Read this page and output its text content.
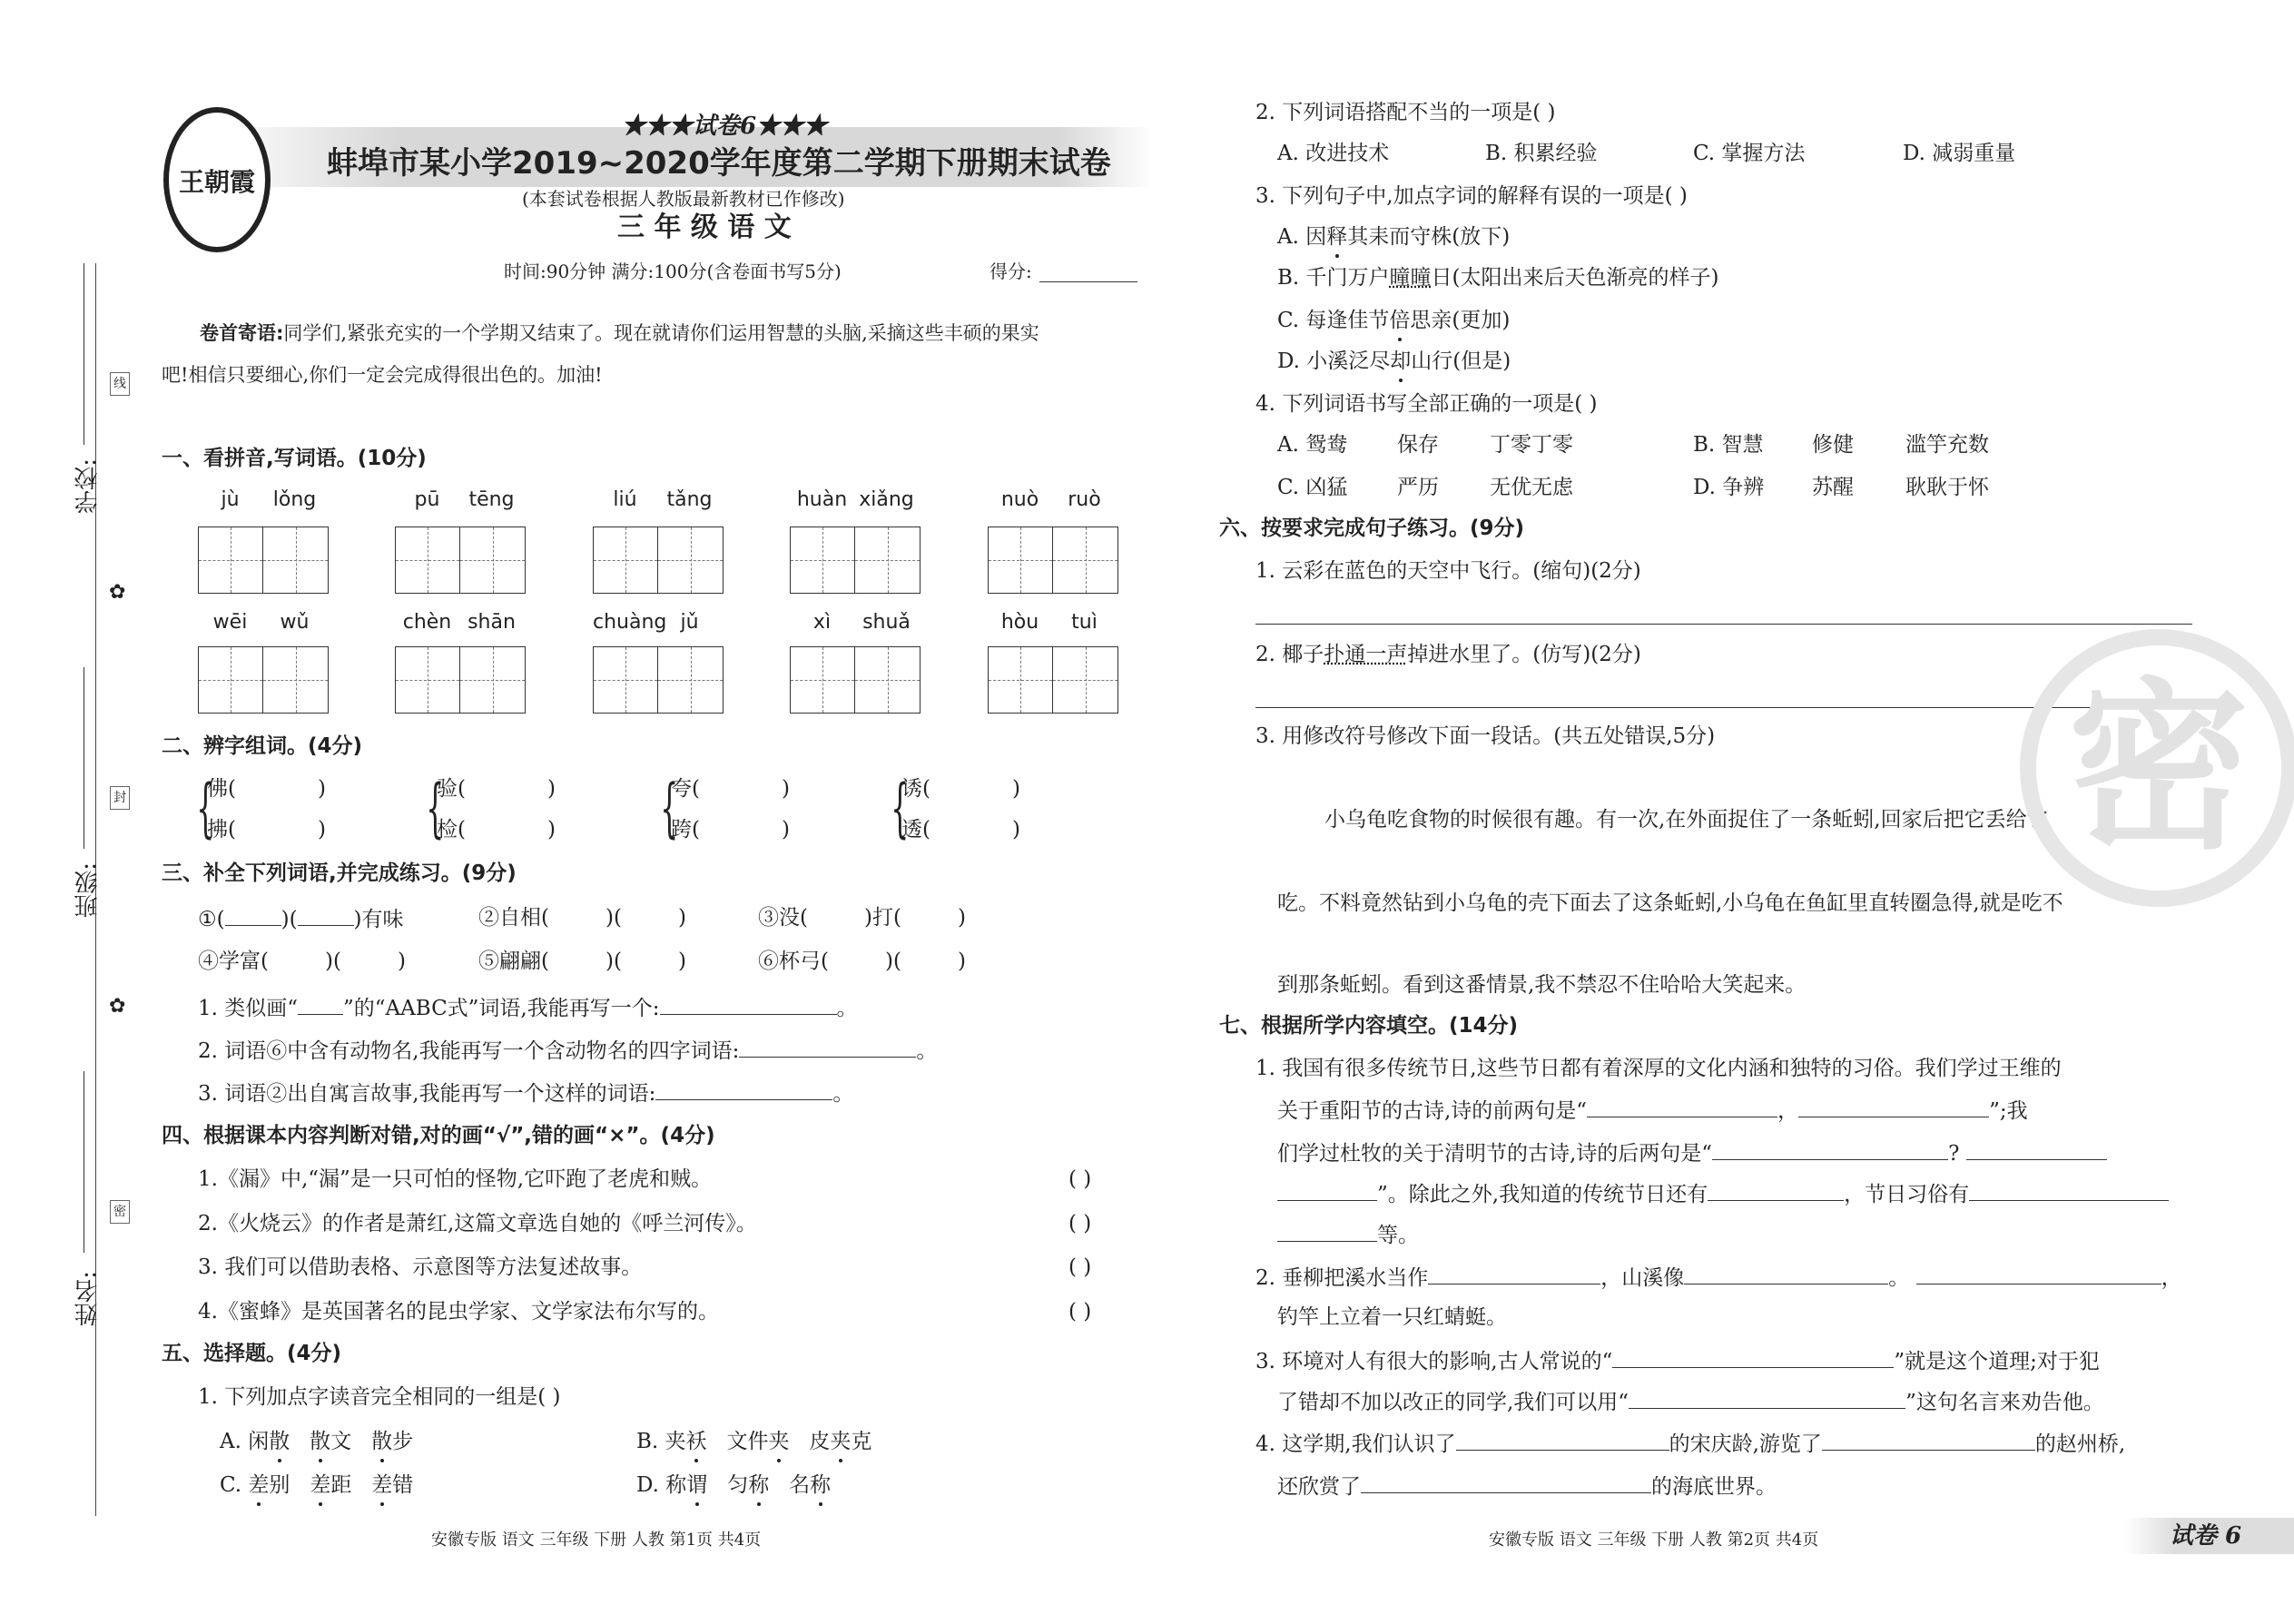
学校:
班级:
姓名:
线
封
密
✿
✿
王朝霞
★★★试卷6★★★
蚌埠市某小学2019~2020学年度第二学期下册期末试卷
(本套试卷根据人教版最新教材已作修改)
三 年 级 语 文
时间:90分钟 满分:100分(含卷面书写5分)	得分:
卷首寄语:同学们,紧张充实的一个学期又结束了。现在就请你们运用智慧的头脑,采摘这些丰硕的果实
吧!相信只要细心,你们一定会完成得很出色的。加油!
一、看拼音,写词语。(10分)
jù	lǒng	pū	tēng	liú	tǎng	huàn xiǎng	nuò	ruò
wēi	wǔ	chèn shān	chuàng jǔ	xì	shuǎ	hòu	tuì
二、辨字组词。(4分)
{
佛(	)
拂(	) {
验(	)
检(	) {
夸(	)
跨(	) {
诱(	)
透(	)
三、补全下列词语,并完成练习。(9分)
①(	)(	)有味	②自相(	)(	)	③没(	)打(	)
④学富(	)(	)	⑤翩翩(	)(	)	⑥杯弓(	)(	)
1. 类似画“ ”的“AABC式”词语,我能再写一个:	。
2. 词语⑥中含有动物名,我能再写一个含动物名的四字词语:	。
3. 词语②出自寓言故事,我能再写一个这样的词语:	。
四、根据课本内容判断对错,对的画“√”,错的画“×”。(4分)
1.《漏》中,“漏”是一只可怕的怪物,它吓跑了老虎和贼。	( )
2.《火烧云》的作者是萧红,这篇文章选自她的《呼兰河传》。	( )
3. 我们可以借助表格、示意图等方法复述故事。	( )
4.《蜜蜂》是英国著名的昆虫学家、文学家法布尔写的。	( )
五、选择题。(4分)
1. 下列加点字读音完全相同的一组是( )
A. 闲散 散文 散步	B. 夹袄 文件夹 皮夹克
C. 差别 差距 差错	D. 称谓 匀称 名称
安徽专版 语文 三年级 下册 人教 第1页 共4页
2. 下列词语搭配不当的一项是( )
A. 改进技术	B. 积累经验	C. 掌握方法	D. 减弱重量
3. 下列句子中,加点字词的解释有误的一项是( )
A. 因释其耒而守株(放下)
B. 千门万户曈曈日(太阳出来后天色渐亮的样子)
C. 每逢佳节倍思亲(更加)
D. 小溪泛尽却山行(但是)
4. 下列词语书写全部正确的一项是( )
A. 鸳鸯 保存 丁零丁零	B. 智慧 修健 滥竽充数
C. 凶猛 严历 无优无虑	D. 争辨 苏醒 耿耿于怀
六、按要求完成句子练习。(9分)
1. 云彩在蓝色的天空中飞行。(缩句)(2分)
2. 椰子扑通一声掉进水里了。(仿写)(2分)
3. 用修改符号修改下面一段话。(共五处错误,5分)
小乌龟吃食物的时候很有趣。有一次,在外面捉住了一条蚯蚓,回家后把它丢给它
吃。不料竟然钻到小乌龟的壳下面去了这条蚯蚓,小乌龟在鱼缸里直转圈急得,就是吃不
到那条蚯蚓。看到这番情景,我不禁忍不住哈哈大笑起来。
七、根据所学内容填空。(14分)
1. 我国有很多传统节日,这些节日都有着深厚的文化内涵和独特的习俗。我们学过王维的
关于重阳节的古诗,诗的前两句是“	，	”;我
们学过杜牧的关于清明节的古诗,诗的后两句是“	?
”。除此之外,我知道的传统节日还有	，节日习俗有
等。
2. 垂柳把溪水当作	，山溪像	。	，
钓竿上立着一只红蜻蜓。
3. 环境对人有很大的影响,古人常说的“	”就是这个道理;对于犯
了错却不加以改正的同学,我们可以用“	”这句名言来劝告他。
4. 这学期,我们认识了	的宋庆龄,游览了	的赵州桥,
还欣赏了	的海底世界。
安徽专版 语文 三年级 下册 人教 第2页 共4页	试卷 6
密
